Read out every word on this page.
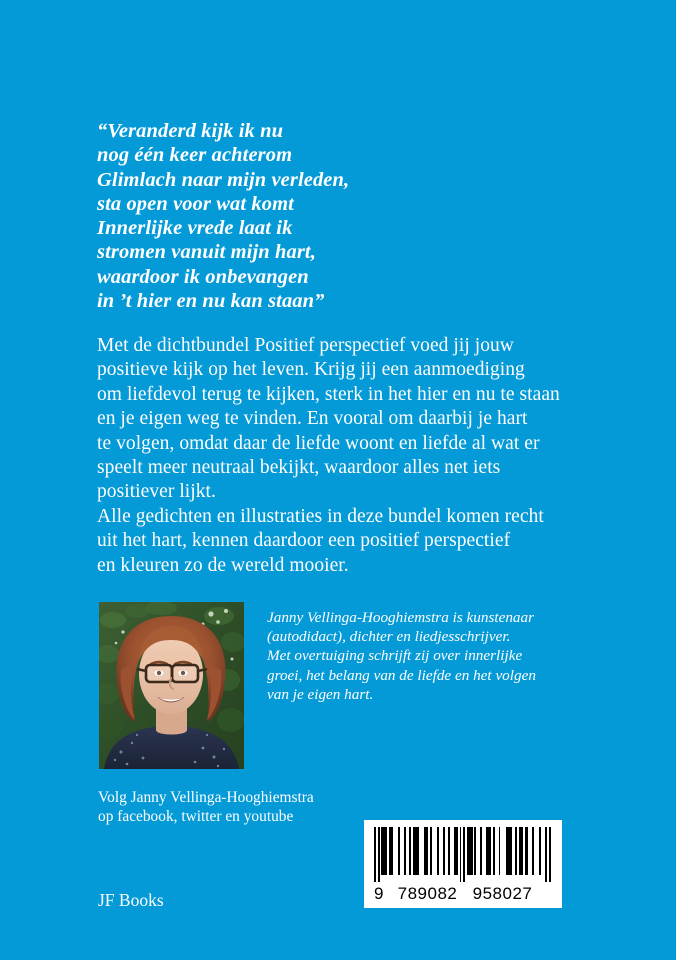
“Veranderd kijk ik nu
nog één keer achterom
Glimlach naar mijn verleden,
sta open voor wat komt
Innerlijke vrede laat ik
stromen vanuit mijn hart,
waardoor ik onbevangen
in ’t hier en nu kan staan”
Met de dichtbundel Positief perspectief voed jij jouw
positieve kijk op het leven. Krijg jij een aanmoediging
om liefdevol terug te kijken, sterk in het hier en nu te staan
en je eigen weg te vinden. En vooral om daarbij je hart
te volgen, omdat daar de liefde woont en liefde al wat er
speelt meer neutraal bekijkt, waardoor alles net iets
positiever lijkt.
Alle gedichten en illustraties in deze bundel komen recht
uit het hart, kennen daardoor een positief perspectief
en kleuren zo de wereld mooier.
Janny Vellinga-Hooghiemstra is kunstenaar
(autodidact), dichter en liedjesschrijver.
Met overtuiging schrijft zij over innerlijke
groei, het belang van de liefde en het volgen
van je eigen hart.
Volg Janny Vellinga-Hooghiemstra
op facebook, twitter en youtube
JF Books	9 789082 958027
